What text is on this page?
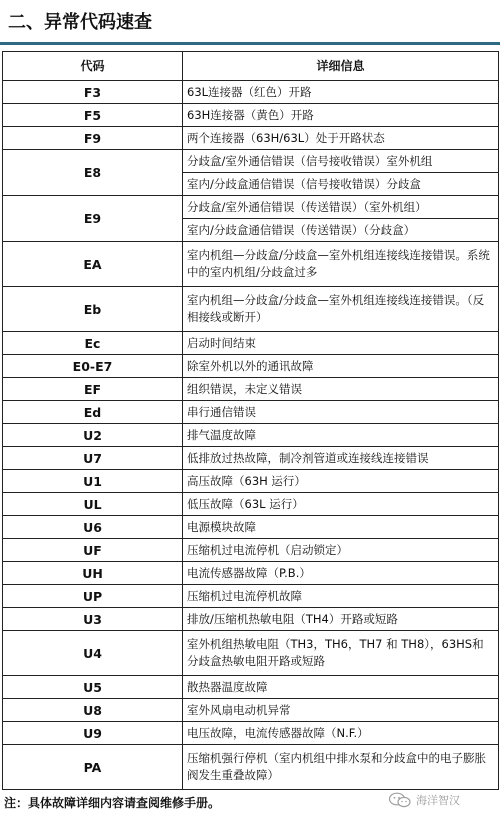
二、异常代码速查
代码	详细信息
F3	63L连接器（红色）开路
F5	63H连接器（黄色）开路
F9	两个连接器（63H/63L）处于开路状态
E8	分歧盒/室外通信错误（信号接收错误）室外机组
	室内/分歧盒通信错误（信号接收错误）分歧盒
E9	分歧盒/室外通信错误（传送错误）（室外机组）
	室内/分歧盒通信错误（传送错误）（分歧盒）
EA	室内机组—分歧盒/分歧盒—室外机组连接线连接错误。系统中的室内机组/分歧盒过多
Eb	室内机组—分歧盒/分歧盒—室外机组连接线连接错误。（反相接线或断开）
Ec	启动时间结束
E0-E7	除室外机以外的通讯故障
EF	组织错误，未定义错误
Ed	串行通信错误
U2	排气温度故障
U7	低排放过热故障，制冷剂管道或连接线连接错误
U1	高压故障（63H 运行）
UL	低压故障（63L 运行）
U6	电源模块故障
UF	压缩机过电流停机（启动锁定）
UH	电流传感器故障（P.B.）
UP	压缩机过电流停机故障
U3	排放/压缩机热敏电阻（TH4）开路或短路
U4	室外机组热敏电阻（TH3，TH6，TH7 和 TH8），63HS和分歧盒热敏电阻开路或短路
U5	散热器温度故障
U8	室外风扇电动机异常
U9	电压故障，电流传感器故障（N.F.）
PA	压缩机强行停机（室内机组中排水泵和分歧盒中的电子膨胀阀发生重叠故障）
注：具体故障详细内容请查阅维修手册。	海洋智汉
